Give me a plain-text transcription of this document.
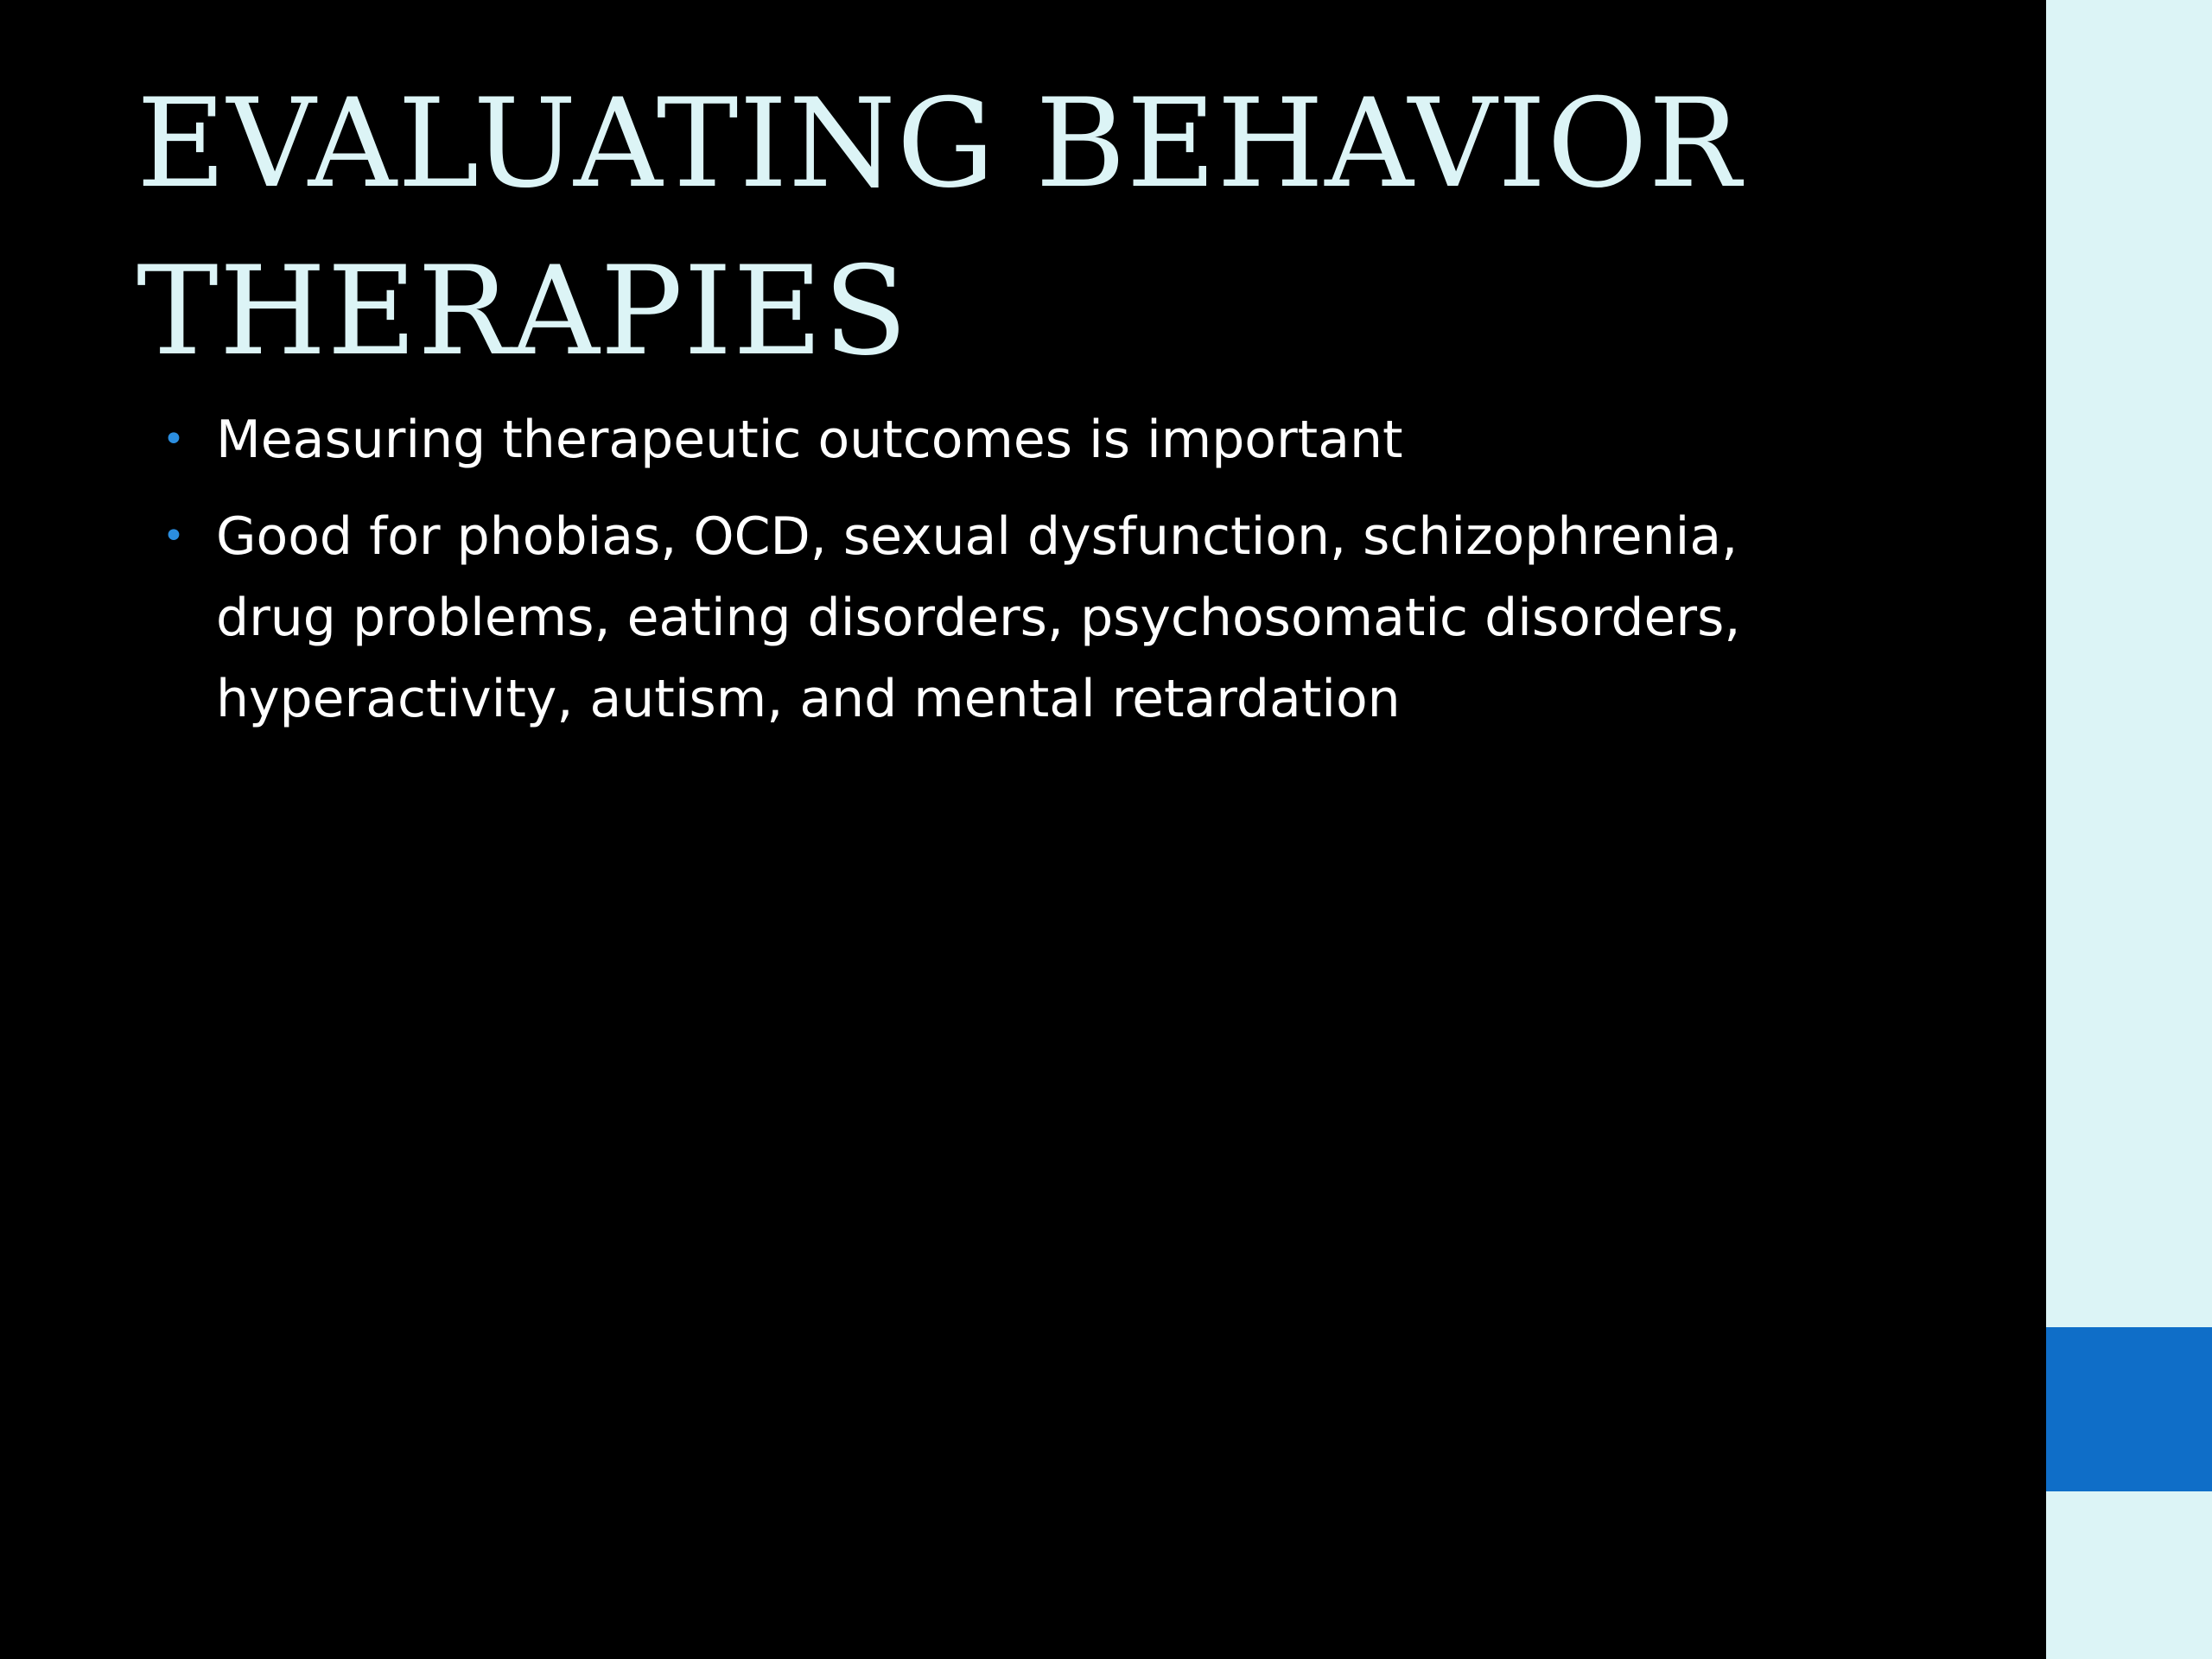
EVALUATING BEHAVIOR
THERAPIES
• Measuring therapeutic outcomes is important
• Good for phobias, OCD, sexual dysfunction, schizophrenia,
drug problems, eating disorders, psychosomatic disorders,
hyperactivity, autism, and mental retardation
